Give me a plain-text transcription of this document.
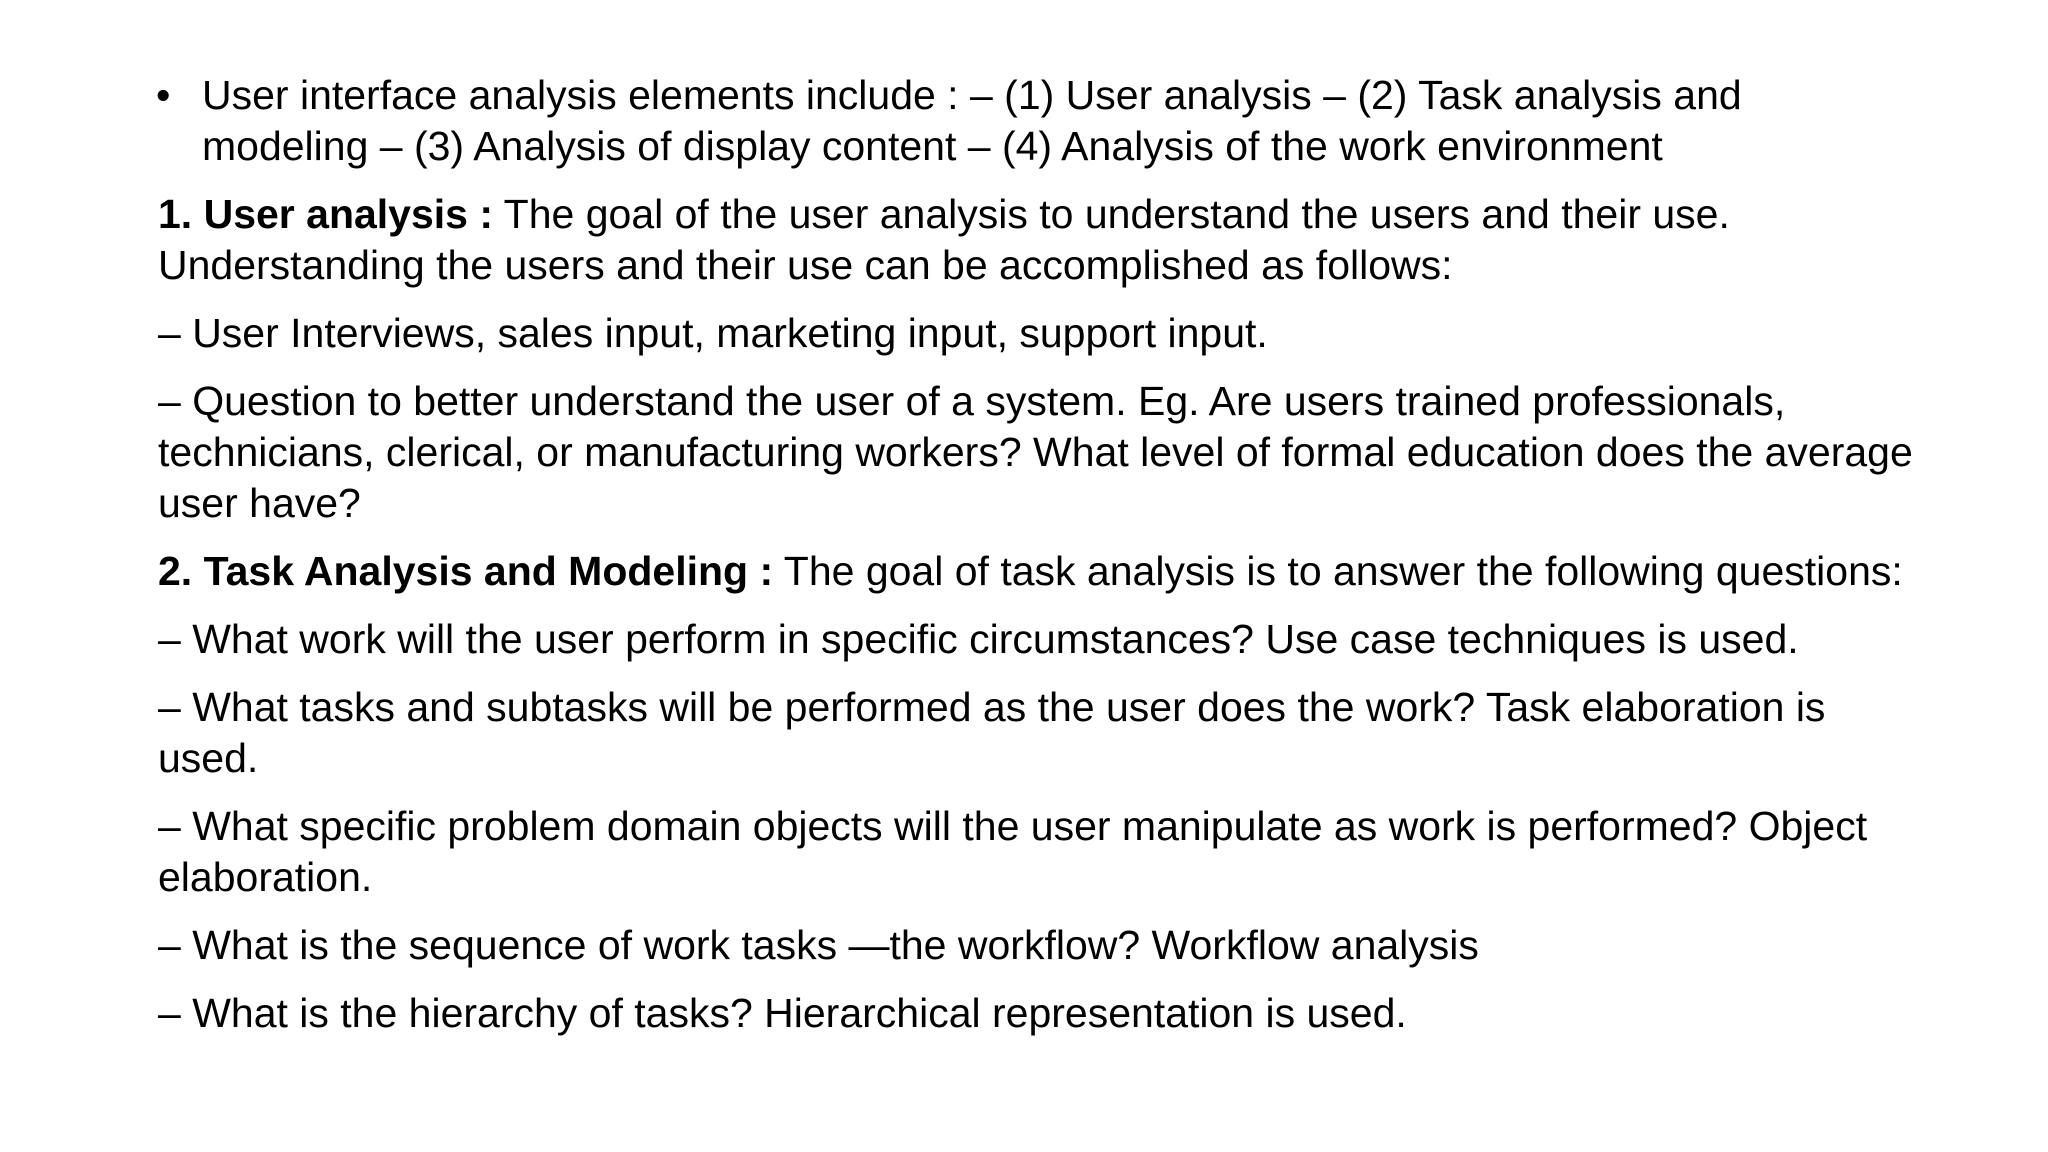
• User interface analysis elements include : – (1) User analysis – (2) Task analysis and modeling – (3) Analysis of display content – (4) Analysis of the work environment

1. User analysis : The goal of the user analysis to understand the users and their use. Understanding the users and their use can be accomplished as follows:

– User Interviews, sales input, marketing input, support input.

– Question to better understand the user of a system. Eg. Are users trained professionals, technicians, clerical, or manufacturing workers? What level of formal education does the average user have?

2. Task Analysis and Modeling : The goal of task analysis is to answer the following questions:

– What work will the user perform in specific circumstances? Use case techniques is used.

– What tasks and subtasks will be performed as the user does the work? Task elaboration is used.

– What specific problem domain objects will the user manipulate as work is performed? Object elaboration.

– What is the sequence of work tasks —the workflow? Workflow analysis

– What is the hierarchy of tasks? Hierarchical representation is used.
